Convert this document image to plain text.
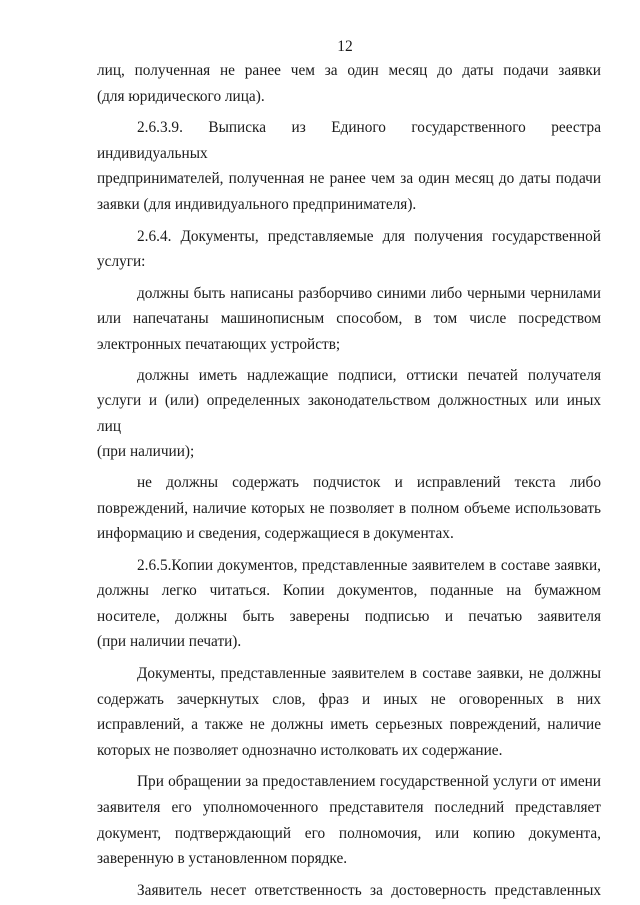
12
лиц, полученная не ранее чем за один месяц до даты подачи заявки
(для юридического лица).
2.6.3.9. Выписка из Единого государственного реестра индивидуальных
предпринимателей, полученная не ранее чем за один месяц до даты подачи
заявки (для индивидуального предпринимателя).
2.6.4. Документы, представляемые для получения государственной
услуги:
должны быть написаны разборчиво синими либо черными чернилами
или напечатаны машинописным способом, в том числе посредством
электронных печатающих устройств;
должны иметь надлежащие подписи, оттиски печатей получателя
услуги и (или) определенных законодательством должностных или иных лиц
(при наличии);
не должны содержать подчисток и исправлений текста либо
повреждений, наличие которых не позволяет в полном объеме использовать
информацию и сведения, содержащиеся в документах.
2.6.5.Копии документов, представленные заявителем в составе заявки,
должны легко читаться. Копии документов, поданные на бумажном
носителе, должны быть заверены подписью и печатью заявителя
(при наличии печати).
Документы, представленные заявителем в составе заявки, не должны
содержать зачеркнутых слов, фраз и иных не оговоренных в них
исправлений, а также не должны иметь серьезных повреждений, наличие
которых не позволяет однозначно истолковать их содержание.
При обращении за предоставлением государственной услуги от имени
заявителя его уполномоченного представителя последний представляет
документ, подтверждающий его полномочия, или копию документа,
заверенную в установленном порядке.
Заявитель несет ответственность за достоверность представленных
